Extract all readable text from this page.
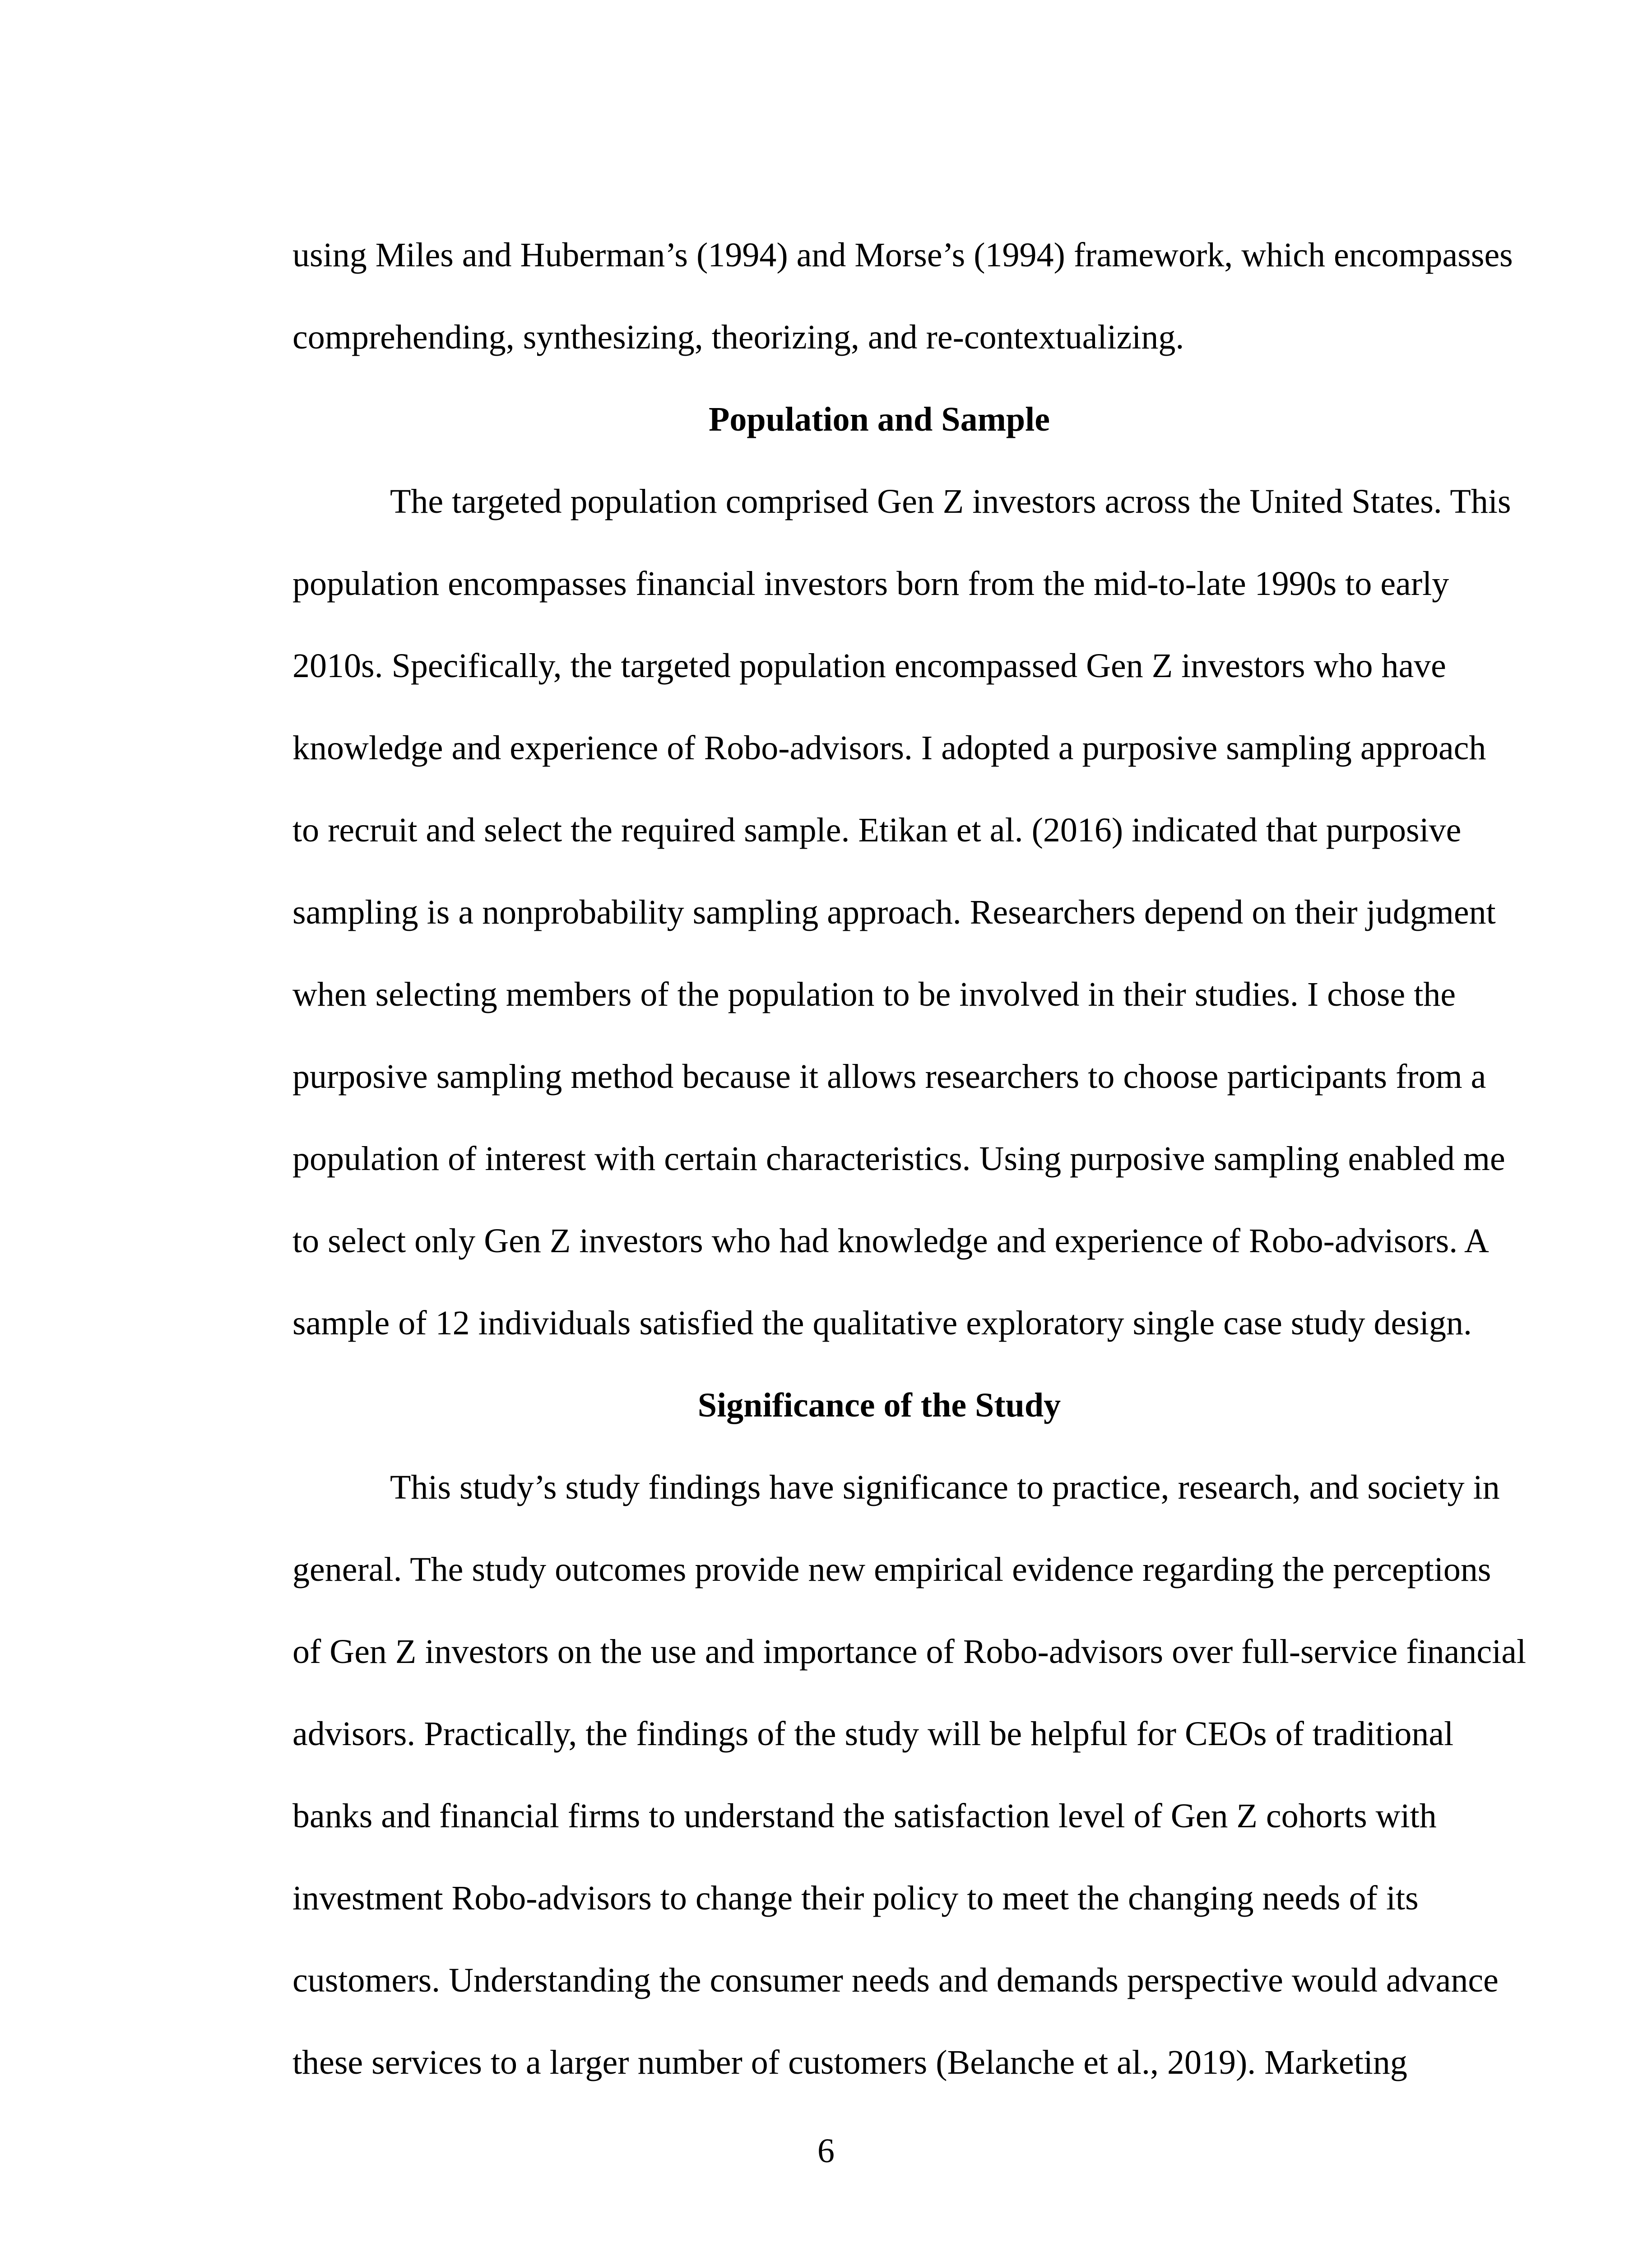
using Miles and Huberman’s (1994) and Morse’s (1994) framework, which encompasses
comprehending, synthesizing, theorizing, and re-contextualizing.
Population and Sample
The targeted population comprised Gen Z investors across the United States. This
population encompasses financial investors born from the mid-to-late 1990s to early
2010s. Specifically, the targeted population encompassed Gen Z investors who have
knowledge and experience of Robo-advisors. I adopted a purposive sampling approach
to recruit and select the required sample. Etikan et al. (2016) indicated that purposive
sampling is a nonprobability sampling approach. Researchers depend on their judgment
when selecting members of the population to be involved in their studies. I chose the
purposive sampling method because it allows researchers to choose participants from a
population of interest with certain characteristics. Using purposive sampling enabled me
to select only Gen Z investors who had knowledge and experience of Robo-advisors. A
sample of 12 individuals satisfied the qualitative exploratory single case study design.
Significance of the Study
This study’s study findings have significance to practice, research, and society in
general. The study outcomes provide new empirical evidence regarding the perceptions
of Gen Z investors on the use and importance of Robo-advisors over full-service financial
advisors. Practically, the findings of the study will be helpful for CEOs of traditional
banks and financial firms to understand the satisfaction level of Gen Z cohorts with
investment Robo-advisors to change their policy to meet the changing needs of its
customers. Understanding the consumer needs and demands perspective would advance
these services to a larger number of customers (Belanche et al., 2019). Marketing
6
